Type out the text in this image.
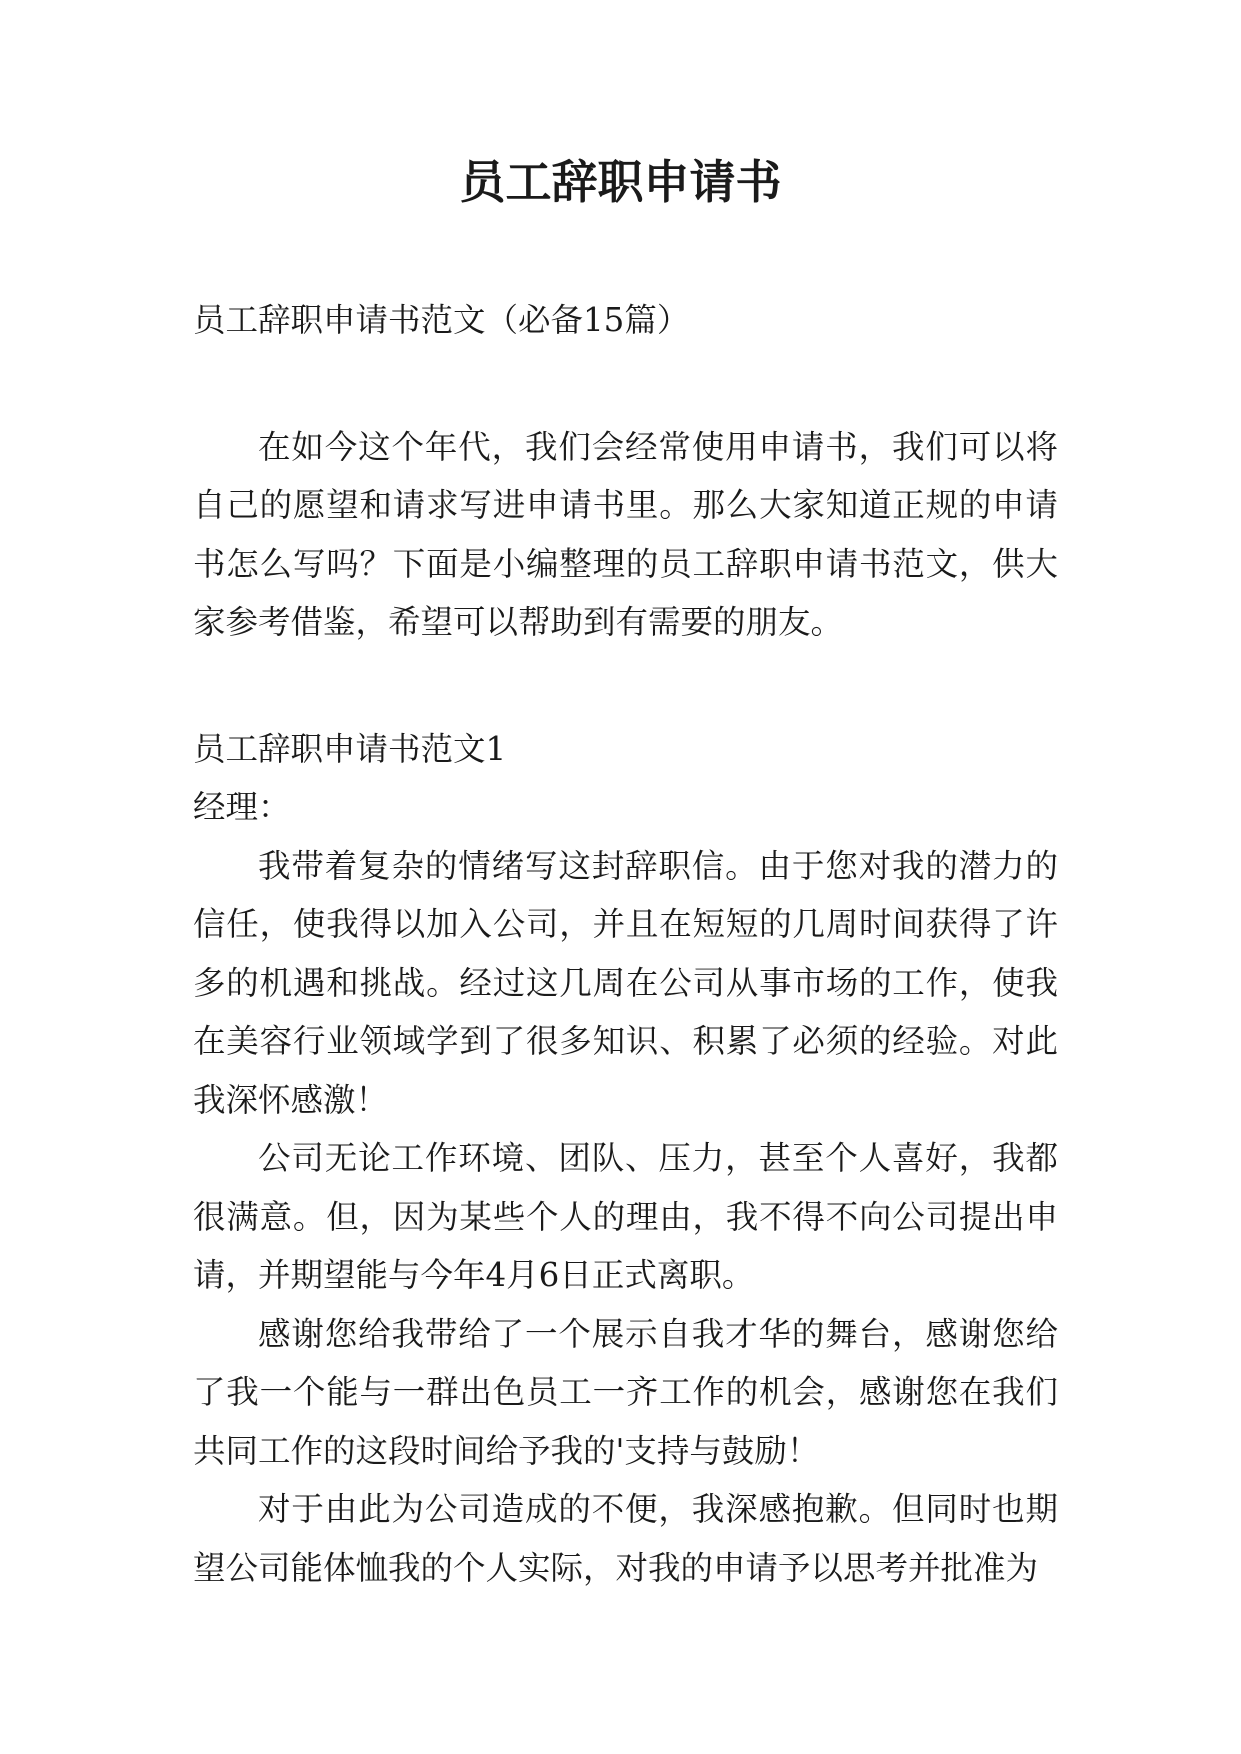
员工辞职申请书

员工辞职申请书范文（必备15篇）

在如今这个年代，我们会经常使用申请书，我们可以将自己的愿望和请求写进申请书里。那么大家知道正规的申请书怎么写吗？下面是小编整理的员工辞职申请书范文，供大家参考借鉴，希望可以帮助到有需要的朋友。

员工辞职申请书范文1

经理：

我带着复杂的情绪写这封辞职信。由于您对我的潜力的信任，使我得以加入公司，并且在短短的几周时间获得了许多的机遇和挑战。经过这几周在公司从事市场的工作，使我在美容行业领域学到了很多知识、积累了必须的经验。对此我深怀感激！

公司无论工作环境、团队、压力，甚至个人喜好，我都很满意。但，因为某些个人的理由，我不得不向公司提出申请，并期望能与今年4月6日正式离职。

感谢您给我带给了一个展示自我才华的舞台，感谢您给了我一个能与一群出色员工一齐工作的机会，感谢您在我们共同工作的这段时间给予我的'支持与鼓励！

对于由此为公司造成的不便，我深感抱歉。但同时也期望公司能体恤我的个人实际，对我的申请予以思考并批准为
